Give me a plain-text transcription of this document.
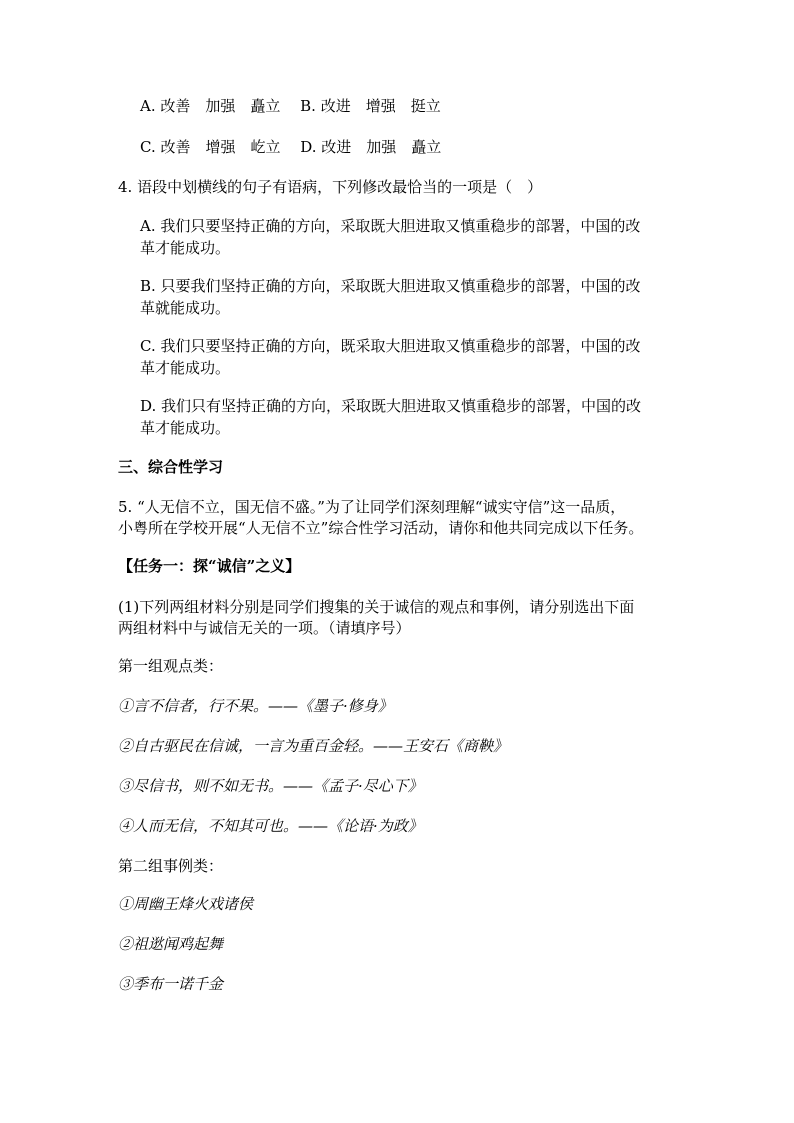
A. 改善　加强　矗立　 B. 改进　增强　挺立
C. 改善　增强　屹立　 D. 改进　加强　矗立
4. 语段中划横线的句子有语病，下列修改最恰当的一项是（　）
A. 我们只要坚持正确的方向，采取既大胆进取又慎重稳步的部署，中国的改
革才能成功。
B. 只要我们坚持正确的方向，采取既大胆进取又慎重稳步的部署，中国的改
革就能成功。
C. 我们只要坚持正确的方向，既采取大胆进取又慎重稳步的部署，中国的改
革才能成功。
D. 我们只有坚持正确的方向，采取既大胆进取又慎重稳步的部署，中国的改
革才能成功。
三、综合性学习
5. “人无信不立，国无信不盛。”为了让同学们深刻理解“诚实守信”这一品质，
小粤所在学校开展“人无信不立”综合性学习活动，请你和他共同完成以下任务。
【任务一：探“诚信”之义】
(1)下列两组材料分别是同学们搜集的关于诚信的观点和事例，请分别选出下面
两组材料中与诚信无关的一项。（请填序号）
第一组观点类：
①言不信者，行不果。——《墨子·修身》
②自古驱民在信诚，一言为重百金轻。——王安石《商鞅》
③尽信书，则不如无书。——《孟子·尽心下》
④人而无信，不知其可也。——《论语·为政》
第二组事例类：
①周幽王烽火戏诸侯
②祖逖闻鸡起舞
③季布一诺千金
